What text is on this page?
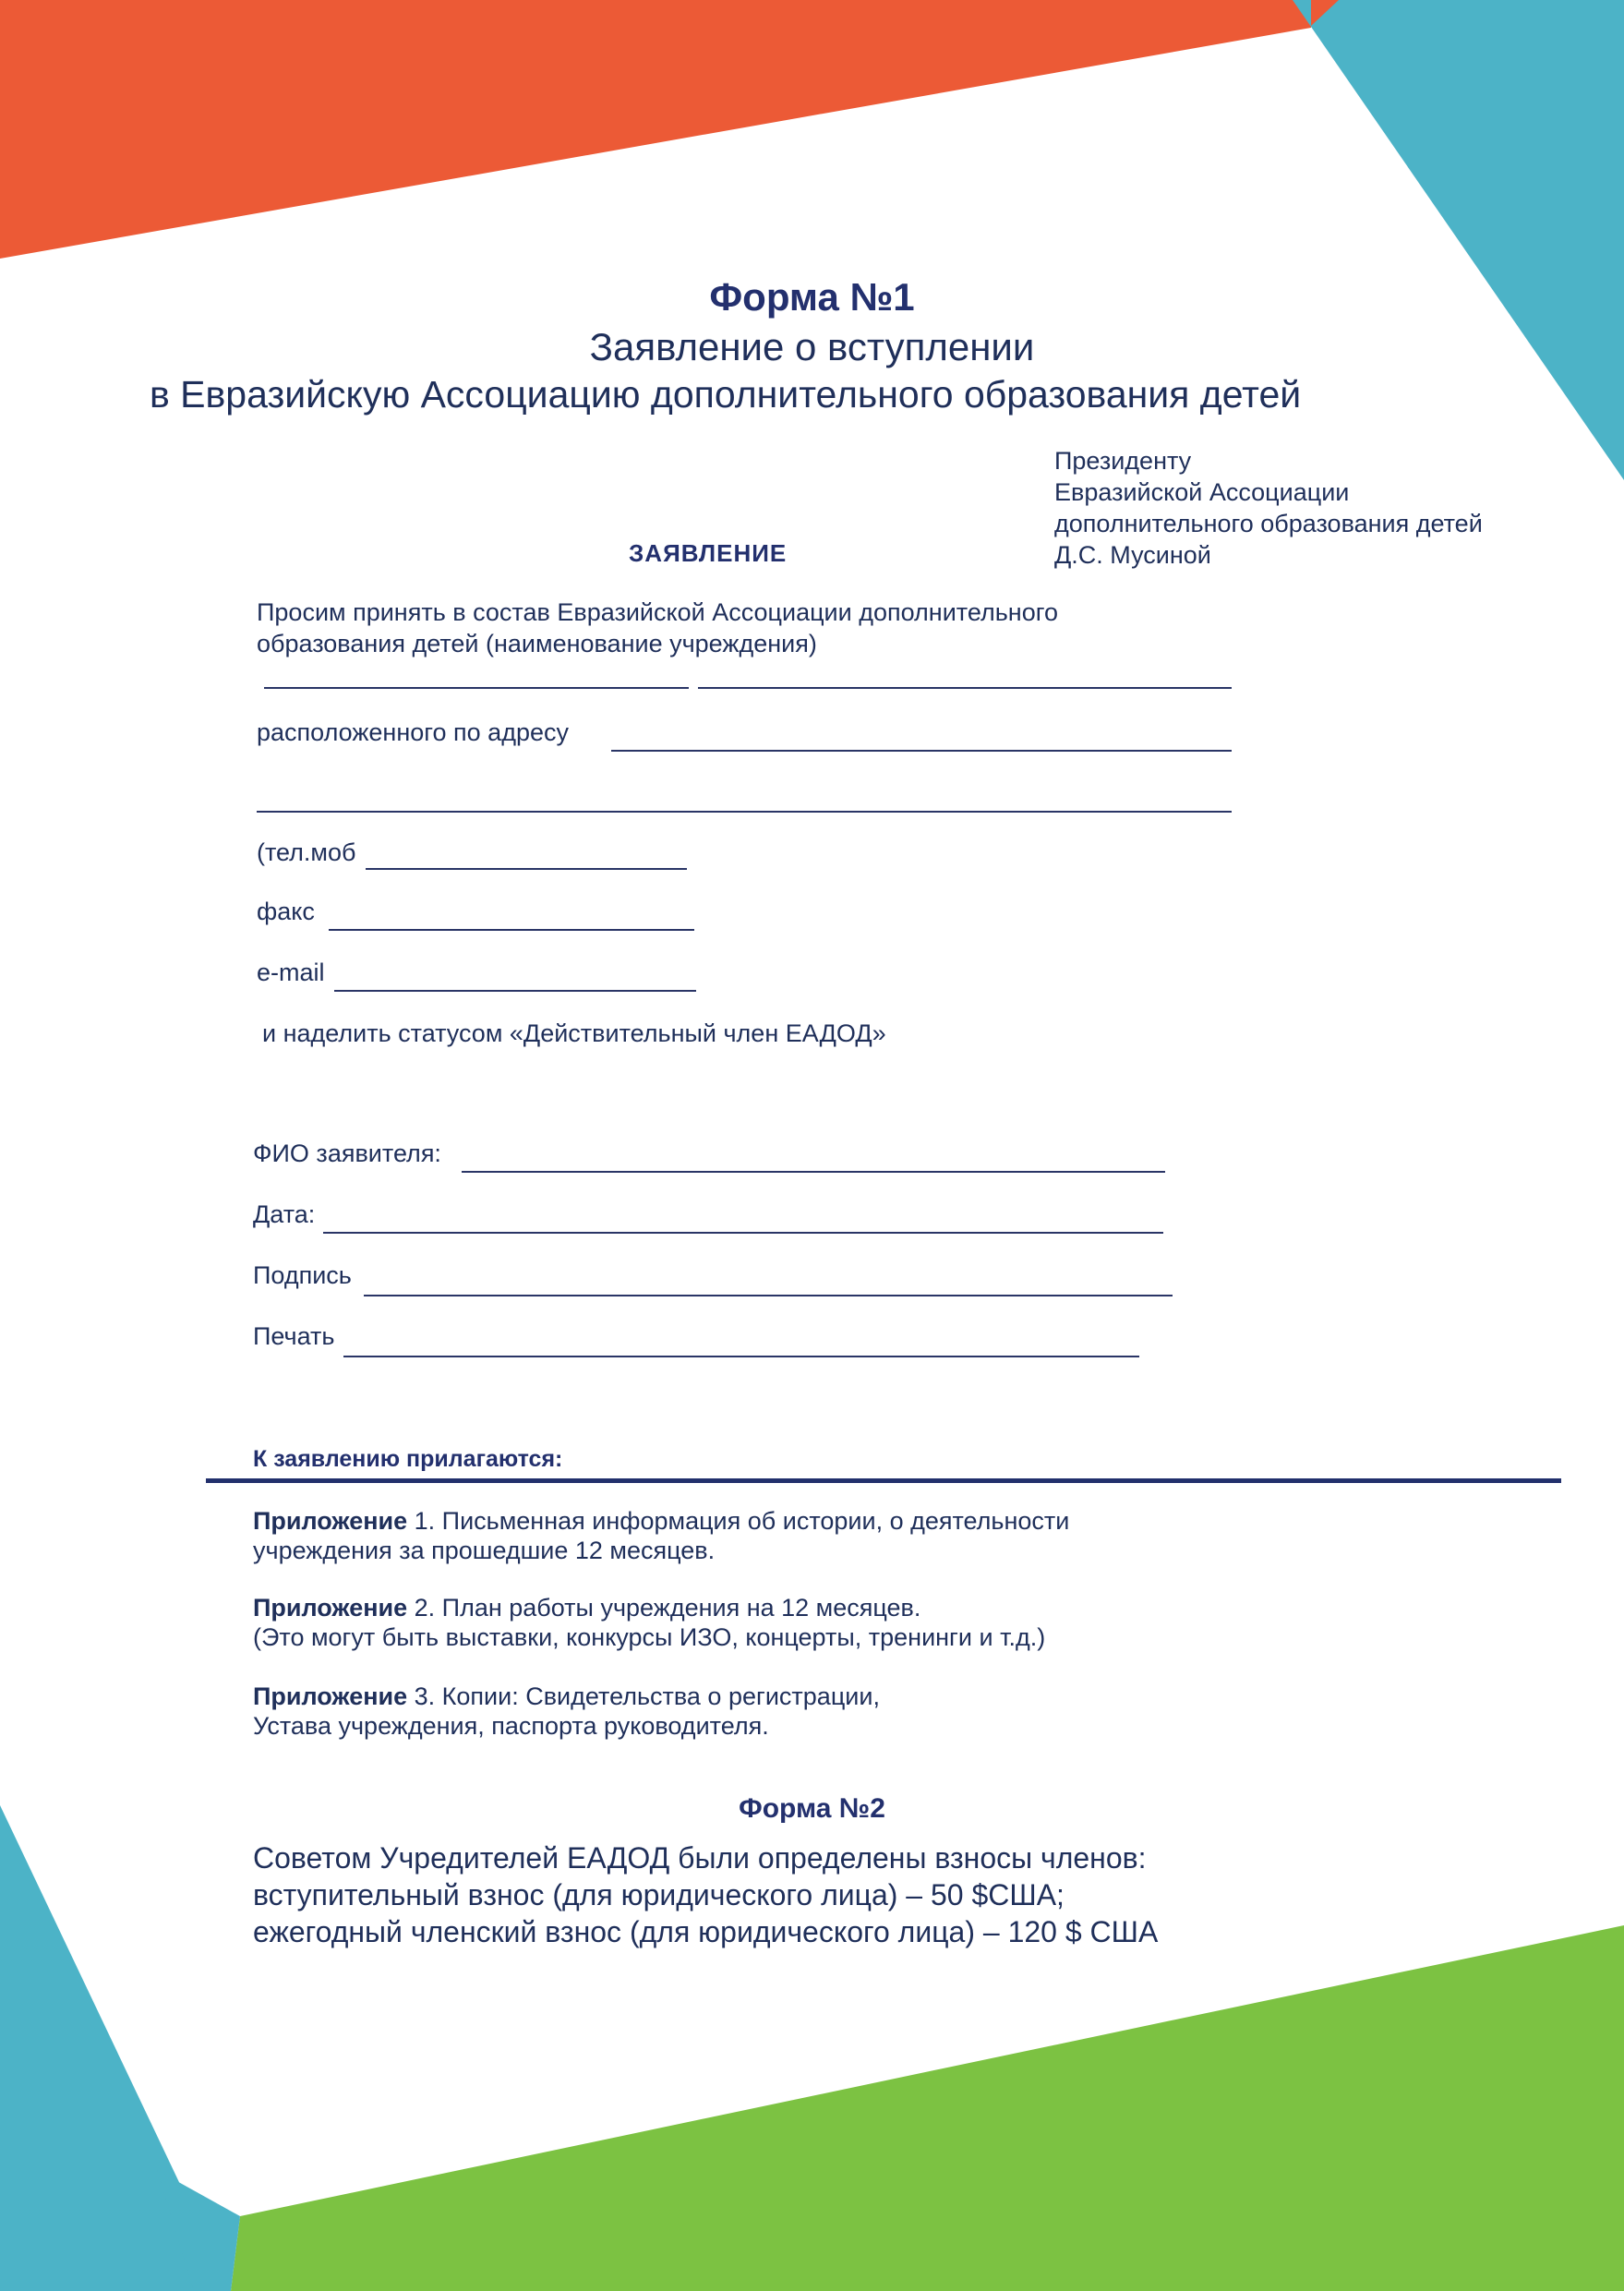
Форма №1

Заявление о вступлении

в Евразийскую Ассоциацию дополнительного образования детей

Президенту

Евразийской Ассоциации

дополнительного образования детей

Д.С. Мусиной

ЗАЯВЛЕНИЕ

Просим принять в состав Евразийской Ассоциации дополнительного

образования детей (наименование учреждения)

расположенного по адресу

(тел.моб

факс

e-mail

и наделить статусом «Действительный член ЕАДОД»

ФИО заявителя:

Дата:

Подпись

Печать

К заявлению прилагаются:

Приложение 1. Письменная информация об истории, о деятельности

учреждения за прошедшие 12 месяцев.

Приложение 2. План работы учреждения на 12 месяцев.

(Это могут быть выставки, конкурсы ИЗО, концерты, тренинги и т.д.)

Приложение 3. Копии: Свидетельства о регистрации,

Устава учреждения, паспорта руководителя.

Форма №2

Советом Учредителей ЕАДОД были определены взносы членов:

вступительный взнос (для юридического лица) – 50 $США;

ежегодный членский взнос (для юридического лица) – 120 $ США
